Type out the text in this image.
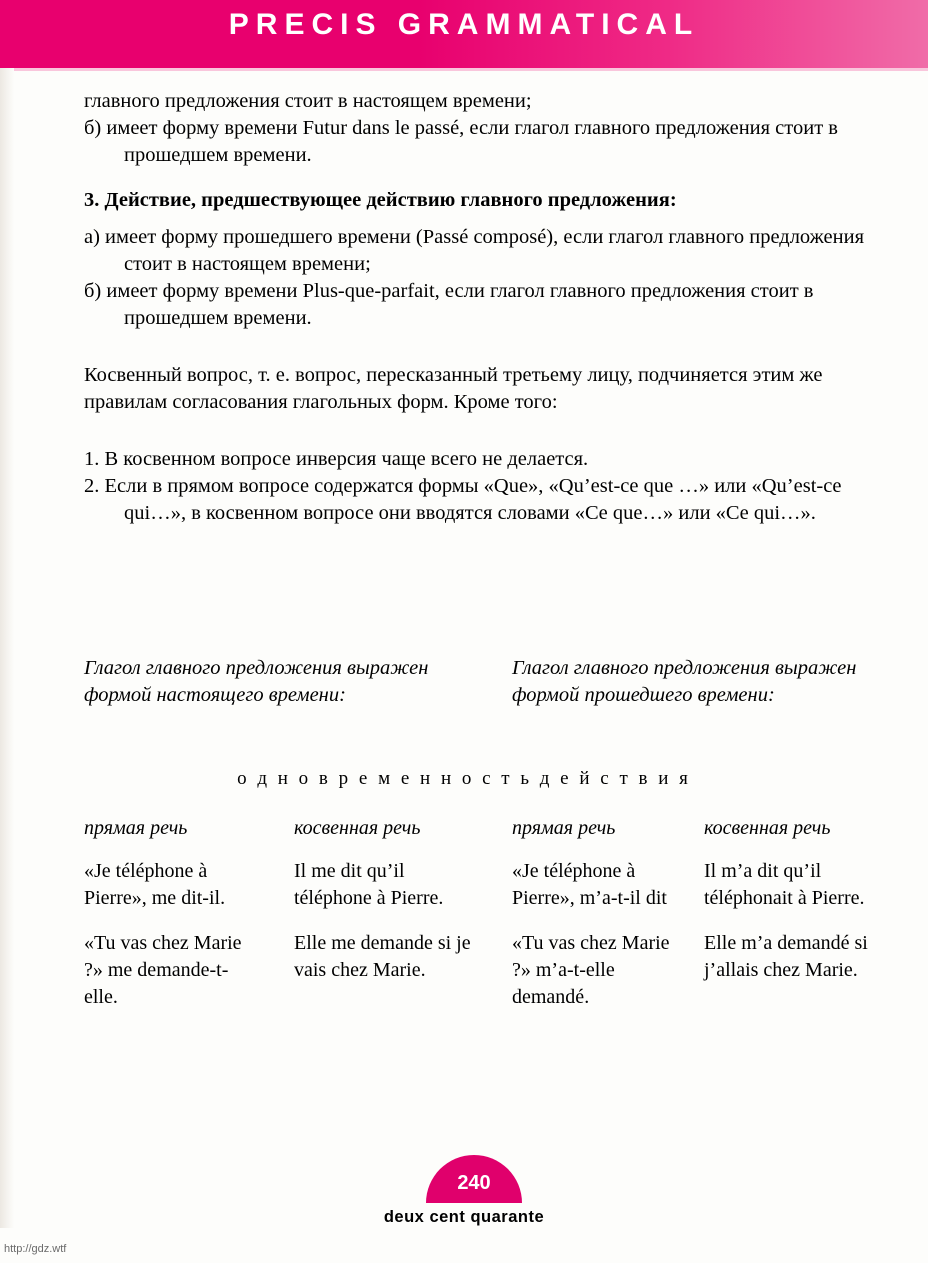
PRECIS GRAMMATICAL

главного предложения стоит в настоящем времени;

б) имеет форму времени Futur dans le passé, если глагол главного предложения стоит в прошедшем времени.

3. Действие, предшествующее действию главного предложения:

а) имеет форму прошедшего времени (Passé composé), если глагол главного предложения стоит в настоящем времени;

б) имеет форму времени Plus-que-parfait, если глагол главного предложения стоит в прошедшем времени.

Косвенный вопрос, т. е. вопрос, пересказанный третьему лицу, подчиняется этим же правилам согласования глагольных форм. Кроме того:

1. В косвенном вопросе инверсия чаще всего не делается.

2. Если в прямом вопросе содержатся формы «Que», «Qu’est-ce que …» или «Qu’est-ce qui…», в косвенном вопросе они вводятся словами «Ce que…» или «Ce qui…».

Глагол главного предложения выражен формой настоящего времени:
Глагол главного предложения выражен формой прошедшего времени:
о д н о в р е м е н н о с т ь д е й с т в и я
прямая речь
«Je téléphone à Pierre», me dit-il.
«Tu vas chez Marie ?» me demande-t-elle.
косвенная речь
Il me dit qu’il téléphone à Pierre.
Elle me demande si je vais chez Marie.
прямая речь
«Je téléphone à Pierre», m’a-t-il dit
«Tu vas chez Marie ?» m’a-t-elle demandé.
косвенная речь
Il m’a dit qu’il téléphonait à Pierre.
Elle m’a demandé si j’allais chez Marie.
240
deux cent quarante
http://gdz.wtf
